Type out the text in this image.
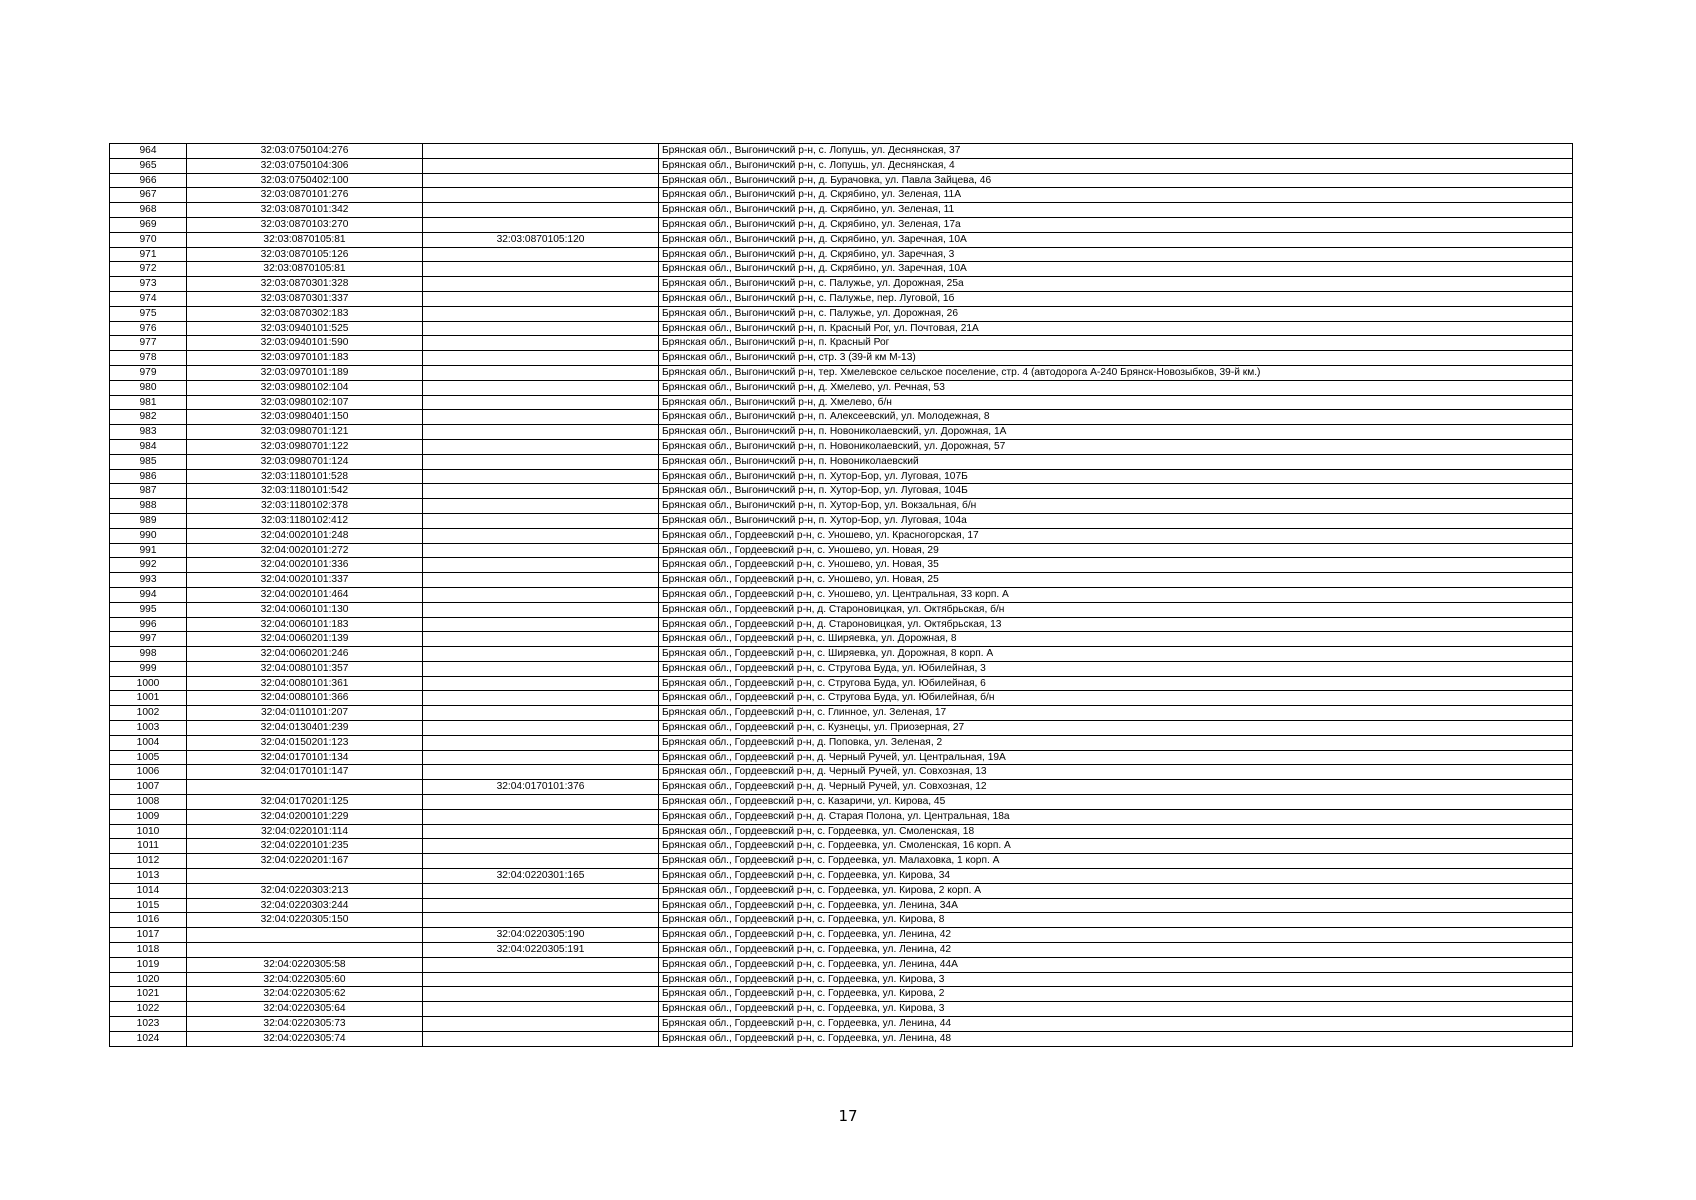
964	32:03:0750104:276		Брянская обл., Выгоничский р-н, с. Лопушь, ул. Деснянская, 37
965	32:03:0750104:306		Брянская обл., Выгоничский р-н, с. Лопушь, ул. Деснянская, 4
966	32:03:0750402:100		Брянская обл., Выгоничский р-н, д. Бурачовка, ул. Павла Зайцева, 46
967	32:03:0870101:276		Брянская обл., Выгоничский р-н, д. Скрябино, ул. Зеленая, 11А
968	32:03:0870101:342		Брянская обл., Выгоничский р-н, д. Скрябино, ул. Зеленая, 11
969	32:03:0870103:270		Брянская обл., Выгоничский р-н, д. Скрябино, ул. Зеленая, 17а
970	32:03:0870105:81	32:03:0870105:120	Брянская обл., Выгоничский р-н, д. Скрябино, ул. Заречная, 10А
971	32:03:0870105:126		Брянская обл., Выгоничский р-н, д. Скрябино, ул. Заречная, 3
972	32:03:0870105:81		Брянская обл., Выгоничский р-н, д. Скрябино, ул. Заречная, 10А
973	32:03:0870301:328		Брянская обл., Выгоничский р-н, с. Палужье, ул. Дорожная, 25а
974	32:03:0870301:337		Брянская обл., Выгоничский р-н, с. Палужье, пер. Луговой, 1б
975	32:03:0870302:183		Брянская обл., Выгоничский р-н, с. Палужье, ул. Дорожная, 26
976	32:03:0940101:525		Брянская обл., Выгоничский р-н, п. Красный Рог, ул. Почтовая, 21А
977	32:03:0940101:590		Брянская обл., Выгоничский р-н, п. Красный Рог
978	32:03:0970101:183		Брянская обл., Выгоничский р-н, стр. 3 (39-й км М-13)
979	32:03:0970101:189		Брянская обл., Выгоничский р-н, тер. Хмелевское сельское поселение, стр. 4 (автодорога А-240 Брянск-Новозыбков, 39-й км.)
980	32:03:0980102:104		Брянская обл., Выгоничский р-н, д. Хмелево, ул. Речная, 53
981	32:03:0980102:107		Брянская обл., Выгоничский р-н, д. Хмелево, б/н
982	32:03:0980401:150		Брянская обл., Выгоничский р-н, п. Алексеевский, ул. Молодежная, 8
983	32:03:0980701:121		Брянская обл., Выгоничский р-н, п. Новониколаевский, ул. Дорожная, 1А
984	32:03:0980701:122		Брянская обл., Выгоничский р-н, п. Новониколаевский, ул. Дорожная, 57
985	32:03:0980701:124		Брянская обл., Выгоничский р-н, п. Новониколаевский
986	32:03:1180101:528		Брянская обл., Выгоничский р-н, п. Хутор-Бор, ул. Луговая, 107Б
987	32:03:1180101:542		Брянская обл., Выгоничский р-н, п. Хутор-Бор, ул. Луговая, 104Б
988	32:03:1180102:378		Брянская обл., Выгоничский р-н, п. Хутор-Бор, ул. Вокзальная, б/н
989	32:03:1180102:412		Брянская обл., Выгоничский р-н, п. Хутор-Бор, ул. Луговая, 104а
990	32:04:0020101:248		Брянская обл., Гордеевский р-н, с. Уношево, ул. Красногорская, 17
991	32:04:0020101:272		Брянская обл., Гордеевский р-н, с. Уношево, ул. Новая, 29
992	32:04:0020101:336		Брянская обл., Гордеевский р-н, с. Уношево, ул. Новая, 35
993	32:04:0020101:337		Брянская обл., Гордеевский р-н, с. Уношево, ул. Новая, 25
994	32:04:0020101:464		Брянская обл., Гордеевский р-н, с. Уношево, ул. Центральная, 33 корп. А
995	32:04:0060101:130		Брянская обл., Гордеевский р-н, д. Староновицкая, ул. Октябрьская, б/н
996	32:04:0060101:183		Брянская обл., Гордеевский р-н, д. Староновицкая, ул. Октябрьская, 13
997	32:04:0060201:139		Брянская обл., Гордеевский р-н, с. Ширяевка, ул. Дорожная, 8
998	32:04:0060201:246		Брянская обл., Гордеевский р-н, с. Ширяевка, ул. Дорожная, 8 корп. А
999	32:04:0080101:357		Брянская обл., Гордеевский р-н, с. Стругова Буда, ул. Юбилейная, 3
1000	32:04:0080101:361		Брянская обл., Гордеевский р-н, с. Стругова Буда, ул. Юбилейная, 6
1001	32:04:0080101:366		Брянская обл., Гордеевский р-н, с. Стругова Буда, ул. Юбилейная, б/н
1002	32:04:0110101:207		Брянская обл., Гордеевский р-н, с. Глинное, ул. Зеленая, 17
1003	32:04:0130401:239		Брянская обл., Гордеевский р-н, с. Кузнецы, ул. Приозерная, 27
1004	32:04:0150201:123		Брянская обл., Гордеевский р-н, д. Поповка, ул. Зеленая, 2
1005	32:04:0170101:134		Брянская обл., Гордеевский р-н, д. Черный Ручей, ул. Центральная, 19А
1006	32:04:0170101:147		Брянская обл., Гордеевский р-н, д. Черный Ручей, ул. Совхозная, 13
1007		32:04:0170101:376	Брянская обл., Гордеевский р-н, д. Черный Ручей, ул. Совхозная, 12
1008	32:04:0170201:125		Брянская обл., Гордеевский р-н, с. Казаричи, ул. Кирова, 45
1009	32:04:0200101:229		Брянская обл., Гордеевский р-н, д. Старая Полона, ул. Центральная, 18а
1010	32:04:0220101:114		Брянская обл., Гордеевский р-н, с. Гордеевка, ул. Смоленская, 18
1011	32:04:0220101:235		Брянская обл., Гордеевский р-н, с. Гордеевка, ул. Смоленская, 16 корп. А
1012	32:04:0220201:167		Брянская обл., Гордеевский р-н, с. Гордеевка, ул. Малаховка, 1 корп. А
1013		32:04:0220301:165	Брянская обл., Гордеевский р-н, с. Гордеевка, ул. Кирова, 34
1014	32:04:0220303:213		Брянская обл., Гордеевский р-н, с. Гордеевка, ул. Кирова, 2 корп. А
1015	32:04:0220303:244		Брянская обл., Гордеевский р-н, с. Гордеевка, ул. Ленина, 34А
1016	32:04:0220305:150		Брянская обл., Гордеевский р-н, с. Гордеевка, ул. Кирова, 8
1017		32:04:0220305:190	Брянская обл., Гордеевский р-н, с. Гордеевка, ул. Ленина, 42
1018		32:04:0220305:191	Брянская обл., Гордеевский р-н, с. Гордеевка, ул. Ленина, 42
1019	32:04:0220305:58		Брянская обл., Гордеевский р-н, с. Гордеевка, ул. Ленина, 44А
1020	32:04:0220305:60		Брянская обл., Гордеевский р-н, с. Гордеевка, ул. Кирова, 3
1021	32:04:0220305:62		Брянская обл., Гордеевский р-н, с. Гордеевка, ул. Кирова, 2
1022	32:04:0220305:64		Брянская обл., Гордеевский р-н, с. Гордеевка, ул. Кирова, 3
1023	32:04:0220305:73		Брянская обл., Гордеевский р-н, с. Гордеевка, ул. Ленина, 44
1024	32:04:0220305:74		Брянская обл., Гордеевский р-н, с. Гордеевка, ул. Ленина, 48
17
